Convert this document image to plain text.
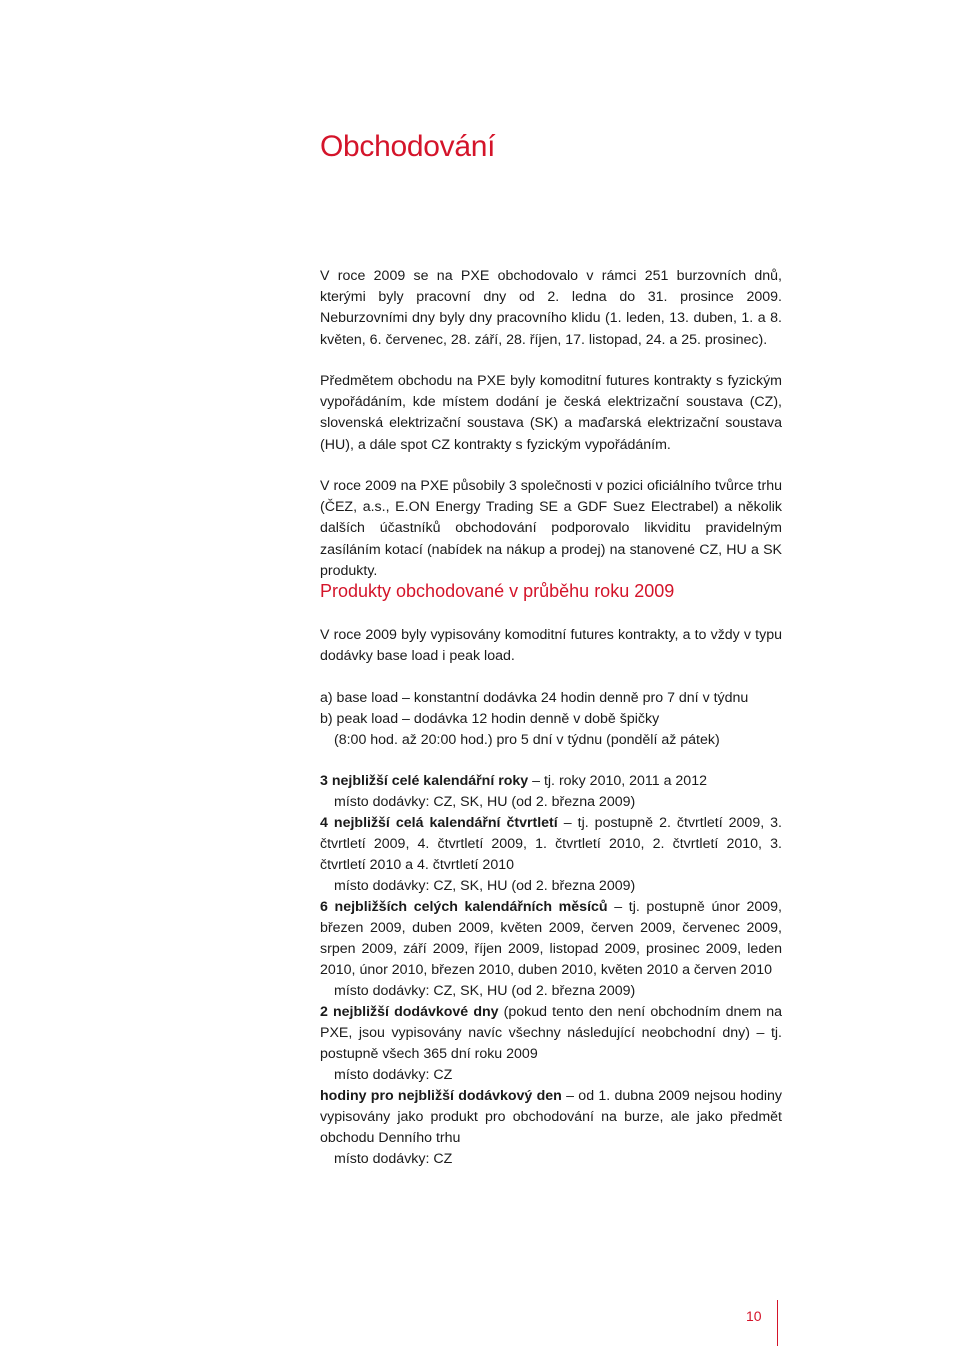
Obchodování

V roce 2009 se na PXE obchodovalo v rámci 251 burzovních dnů, kterými byly pracovní dny od 2. ledna do 31. prosince 2009. Neburzovními dny byly dny pracovního klidu (1. leden, 13. duben, 1. a 8. květen, 6. červenec, 28. září, 28. říjen, 17. listopad, 24. a 25. prosinec).

Předmětem obchodu na PXE byly komoditní futures kontrakty s fyzickým vypořádáním, kde místem dodání je česká elektrizační soustava (CZ), slovenská elektrizační soustava (SK) a maďarská elektrizační soustava (HU), a dále spot CZ kontrakty s fyzickým vypořádáním.

V roce 2009 na PXE působily 3 společnosti v pozici oficiálního tvůrce trhu (ČEZ, a.s., E.ON Energy Trading SE a GDF Suez Electrabel) a několik dalších účastníků obchodování podporovalo likviditu pravidelným zasíláním kotací (nabídek na nákup a prodej) na stanovené CZ, HU a SK produkty.

Produkty obchodované v průběhu roku 2009

V roce 2009 byly vypisovány komoditní futures kontrakty, a to vždy v typu dodávky base load i peak load.

a) base load – konstantní dodávka 24 hodin denně pro 7 dní v týdnu

b) peak load – dodávka 12 hodin denně v době špičky

(8:00 hod. až 20:00 hod.) pro 5 dní v týdnu (pondělí až pátek)

3 nejbližší celé kalendářní roky – tj. roky 2010, 2011 a 2012

místo dodávky: CZ, SK, HU (od 2. března 2009)

4 nejbližší celá kalendářní čtvrtletí – tj. postupně 2. čtvrtletí 2009, 3. čtvrtletí 2009, 4. čtvrtletí 2009, 1. čtvrtletí 2010, 2. čtvrtletí 2010, 3. čtvrtletí 2010 a 4. čtvrtletí 2010

místo dodávky: CZ, SK, HU (od 2. března 2009)

6 nejbližších celých kalendářních měsíců – tj. postupně únor 2009, březen 2009, duben 2009, květen 2009, červen 2009, červenec 2009, srpen 2009, září 2009, říjen 2009, listopad 2009, prosinec 2009, leden 2010, únor 2010, březen 2010, duben 2010, květen 2010 a červen 2010

místo dodávky: CZ, SK, HU (od 2. března 2009)

2 nejbližší dodávkové dny (pokud tento den není obchodním dnem na PXE, jsou vypisovány navíc všechny následující neobchodní dny) – tj. postupně všech 365 dní roku 2009

místo dodávky: CZ

hodiny pro nejbližší dodávkový den – od 1. dubna 2009 nejsou hodiny vypisovány jako produkt pro obchodování na burze, ale jako předmět obchodu Denního trhu

místo dodávky: CZ

10
